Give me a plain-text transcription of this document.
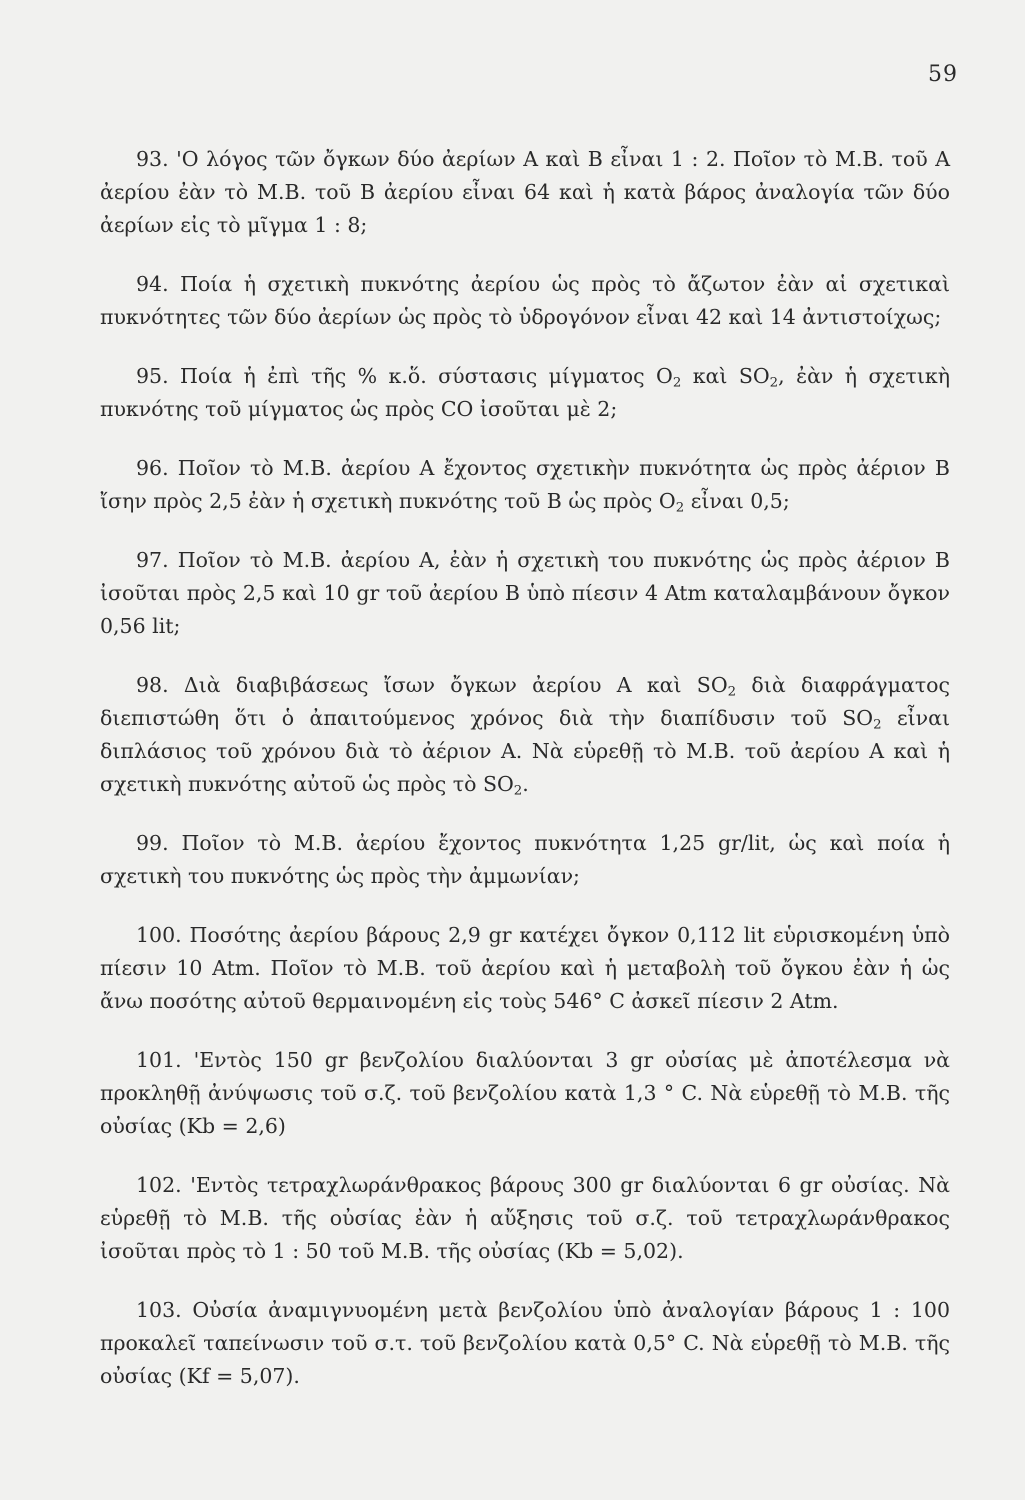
59

93. 'Ο λόγος τῶν ὄγκων δύο ἀερίων Α καὶ Β εἶναι 1 : 2. Ποῖον τὸ Μ.Β. τοῦ Α ἀερίου ἐὰν τὸ Μ.Β. τοῦ Β ἀερίου εἶναι 64 καὶ ἡ κατὰ βάρος ἀναλογία τῶν δύο ἀερίων εἰς τὸ μῖγμα 1 : 8;

94. Ποία ἡ σχετικὴ πυκνότης ἀερίου ὡς πρὸς τὸ ἄζωτον ἐὰν αἱ σχετικαὶ πυκνότητες τῶν δύο ἀερίων ὡς πρὸς τὸ ὑδρογόνον εἶναι 42 καὶ 14 ἀντιστοίχως;

95. Ποία ἡ ἐπὶ τῆς % κ.ὅ. σύστασις μίγματος $O_2$ καὶ $SO_2$, ἐὰν ἡ σχετικὴ πυκνότης τοῦ μίγματος ὡς πρὸς CO ἰσοῦται μὲ 2;

96. Ποῖον τὸ Μ.Β. ἀερίου Α ἔχοντος σχετικὴν πυκνότητα ὡς πρὸς ἀέριον Β ἴσην πρὸς 2,5 ἐὰν ἡ σχετικὴ πυκνότης τοῦ Β ὡς πρὸς $O_2$ εἶναι 0,5;

97. Ποῖον τὸ Μ.Β. ἀερίου Α, ἐὰν ἡ σχετικὴ του πυκνότης ὡς πρὸς ἀέριον Β ἰσοῦται πρὸς 2,5 καὶ 10 gr τοῦ ἀερίου Β ὑπὸ πίεσιν 4 Atm καταλαμβάνουν ὄγκον 0,56 lit;

98. Διὰ διαβιβάσεως ἴσων ὄγκων ἀερίου Α καὶ $SO_2$ διὰ διαφράγματος διεπιστώθη ὅτι ὁ ἀπαιτούμενος χρόνος διὰ τὴν διαπίδυσιν τοῦ $SO_2$ εἶναι διπλάσιος τοῦ χρόνου διὰ τὸ ἀέριον Α. Νὰ εὑρεθῇ τὸ Μ.Β. τοῦ ἀερίου Α καὶ ἡ σχετικὴ πυκνότης αὐτοῦ ὡς πρὸς τὸ $SO_2$.

99. Ποῖον τὸ Μ.Β. ἀερίου ἔχοντος πυκνότητα 1,25 gr/lit, ὡς καὶ ποία ἡ σχετικὴ του πυκνότης ὡς πρὸς τὴν ἀμμωνίαν;

100. Ποσότης ἀερίου βάρους 2,9 gr κατέχει ὄγκον 0,112 lit εὑρισκομένη ὑπὸ πίεσιν 10 Atm. Ποῖον τὸ Μ.Β. τοῦ ἀερίου καὶ ἡ μεταβολὴ τοῦ ὄγκου ἐὰν ἡ ὡς ἄνω ποσότης αὐτοῦ θερμαινομένη εἰς τοὺς 546° C ἀσκεῖ πίεσιν 2 Atm.

101. 'Εντὸς 150 gr βενζολίου διαλύονται 3 gr οὐσίας μὲ ἀποτέλεσμα νὰ προκληθῇ ἀνύψωσις τοῦ σ.ζ. τοῦ βενζολίου κατὰ 1,3 ° C. Νὰ εὑρεθῇ τὸ Μ.Β. τῆς οὐσίας (Kb = 2,6)

102. 'Εντὸς τετραχλωράνθρακος βάρους 300 gr διαλύονται 6 gr οὐσίας. Νὰ εὑρεθῇ τὸ Μ.Β. τῆς οὐσίας ἐὰν ἡ αὔξησις τοῦ σ.ζ. τοῦ τετραχλωράνθρακος ἰσοῦται πρὸς τὸ 1 : 50 τοῦ Μ.Β. τῆς οὐσίας (Kb = 5,02).

103. Οὐσία ἀναμιγνυομένη μετὰ βενζολίου ὑπὸ ἀναλογίαν βάρους 1 : 100 προκαλεῖ ταπείνωσιν τοῦ σ.τ. τοῦ βενζολίου κατὰ 0,5° C. Νὰ εὑρεθῇ τὸ Μ.Β. τῆς οὐσίας (Kf = 5,07).
